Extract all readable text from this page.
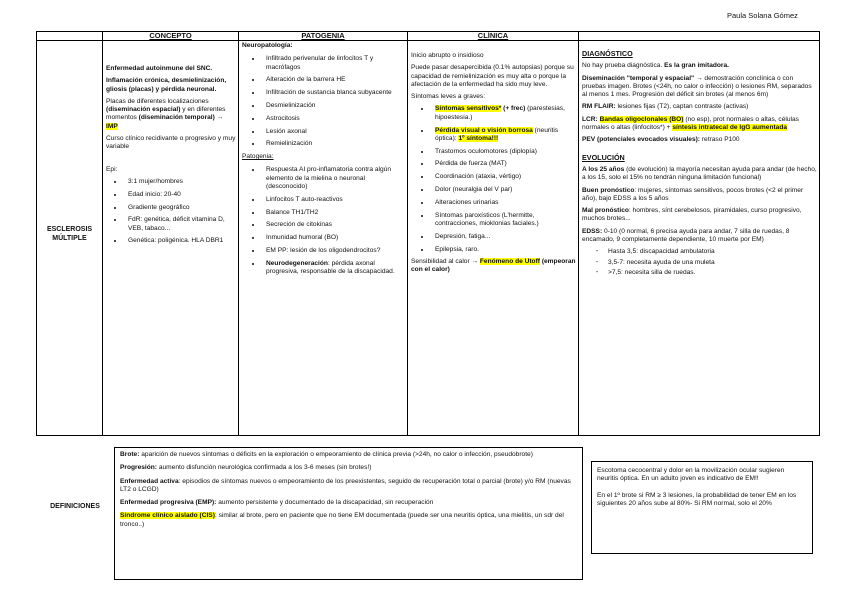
Paula Solana Gómez
CONCEPTO	PATOGENIA	CLÍNICA
ESCLEROSIS
MÚLTIPLE

Enfermedad autoinmune del SNC.

Inflamación crónica, desmielinización, gliosis (placas) y pérdida neuronal.

Placas de diferentes localizaciones (diseminación espacial) y en diferentes momentos (diseminación temporal) → IMP

Curso clínico recidivante o progresivo y muy variable

Epi:

• 3:1 mujer/hombres
• Edad inicio: 20-40
• Gradiente geográfico
• FdR: genética, déficit vitamina D, VEB, tabaco...
• Genética: poligénica. HLA DBR1

Neuropatología:

• Infiltrado perivenular de linfocitos T y macrófagos
• Alteración de la barrera HE
• Infiltración de sustancia blanca subyacente
• Desmielinización
• Astrocitosis
• Lesión axonal
• Remielinización

Patogenia:

• Respuesta AI pro-inflamatoria contra algún elemento de la mielina o neuronal (desconocido)
• Linfocitos T auto-reactivos
• Balance TH1/TH2
• Secreción de citokinas
• Inmunidad humoral (BO)
• EM PP: lesión de los oligodendrocitos?
• Neurodegeneración: pérdida axonal progresiva, responsable de la discapacidad.

Inicio abrupto o insidioso

Puede pasar desapercibida (0.1% autopsias) porque su capacidad de remielinización es muy alta o porque la afectación de la enfermedad ha sido muy leve.

Síntomas leves a graves:

• Síntomas sensitivos* (+ frec) (parestesias, hipoestesia.)
• Pérdida visual o visión borrosa (neuritis óptica): 1º síntoma!!!
• Trastornos oculomotores (diplopía)
• Pérdida de fuerza (MAT)
• Coordinación (ataxia, vértigo)
• Dolor (neuralgia del V par)
• Alteraciones urinarias
• Síntomas paroxísticos (L'hermitte, contracciones, mioklonias faciales.)
• Depresión, fatiga...
• Epilepsia, raro.

Sensibilidad al calor → Fenómeno de Utoff (empeoran con el calor)

DIAGNÓSTICO

No hay prueba diagnóstica. Es la gran imitadora.

Diseminación "temporal y espacial" → demostración conclínica o con pruebas imagen. Brotes (<24h, no calor o infección) o lesiones RM, separados al menos 1 mes. Progresión del déficit sin brotes (al menos 6m)

RM FLAIR: lesiones fijas (T2), captan contraste (activas)

LCR: Bandas oligoclonales (BO) (no esp), prot normales o altas, células normales o altas (linfocitos*) + síntesis intratecal de IgG aumentada

PEV (potenciales evocados visuales): retraso P100

EVOLUCIÓN

A los 25 años (de evolución) la mayoría necesitan ayuda para andar (de hecho, a los 15, solo el 15% no tendrán ninguna limitación funcional)

Buen pronóstico: mujeres, síntomas sensitivos, pocos brotes (<2 el primer año), bajo EDSS a los 5 años

Mal pronóstico: hombres, sínt cerebelosos, piramidales, curso progresivo, muchos brotes...

EDSS: 0-10 (0 normal, 6 precisa ayuda para andar, 7 silla de ruedas, 8 encamado, 9 completamente dependiente, 10 muerte por EM)

- Hasta 3,5: discapacidad ambulatoria
- 3,5-7: necesita ayuda de una muleta
- >7,5: necesita silla de ruedas.
DEFINICIONES

Brote: aparición de nuevos síntomas o déficits en la exploración o empeoramiento de clínica previa (>24h, no calor o infección, pseudobrote)

Progresión: aumento disfunción neurológica confirmada a los 3-6 meses (sin brotes!)

Enfermedad activa: episodios de síntomas nuevos o empeoramiento de los preexistentes, seguido de recuperación total o parcial (brote) y/o RM (nuevas LT2 o LCGD)

Enfermedad progresiva (EMP): aumento persistente y documentado de la discapacidad, sin recuperación

Síndrome clínico aislado (CIS): similar al brote, pero en paciente que no tiene EM documentada (puede ser una neuritis óptica, una mielitis, un sdr del tronco..)

Escotoma cecocentral y dolor en la movilización ocular sugieren neuritis óptica. En un adulto joven es indicativo de EM!!

En el 1º brote si RM ≥ 3 lesiones, la probabilidad de tener EM en los siguientes 20 años sube al 80%- Si RM normal, solo el 20%
